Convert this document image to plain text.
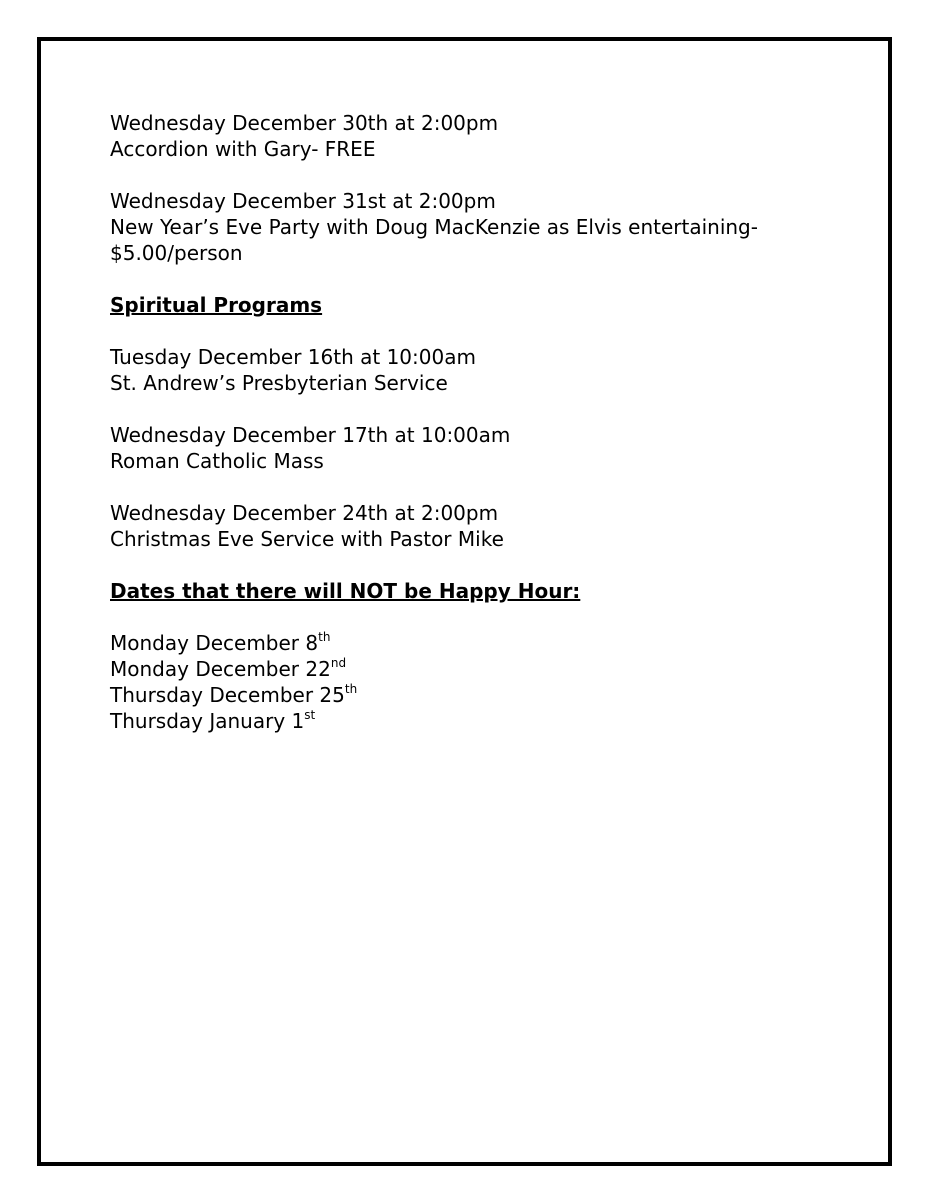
Wednesday December 30th at 2:00pm
Accordion with Gary- FREE
Wednesday December 31st at 2:00pm
New Year’s Eve Party with Doug MacKenzie as Elvis entertaining-
$5.00/person
Spiritual Programs
Tuesday December 16th at 10:00am
St. Andrew’s Presbyterian Service
Wednesday December 17th at 10:00am
Roman Catholic Mass
Wednesday December 24th at 2:00pm
Christmas Eve Service with Pastor Mike
Dates that there will NOT be Happy Hour:
Monday December 8th
Monday December 22nd
Thursday December 25th
Thursday January 1st
